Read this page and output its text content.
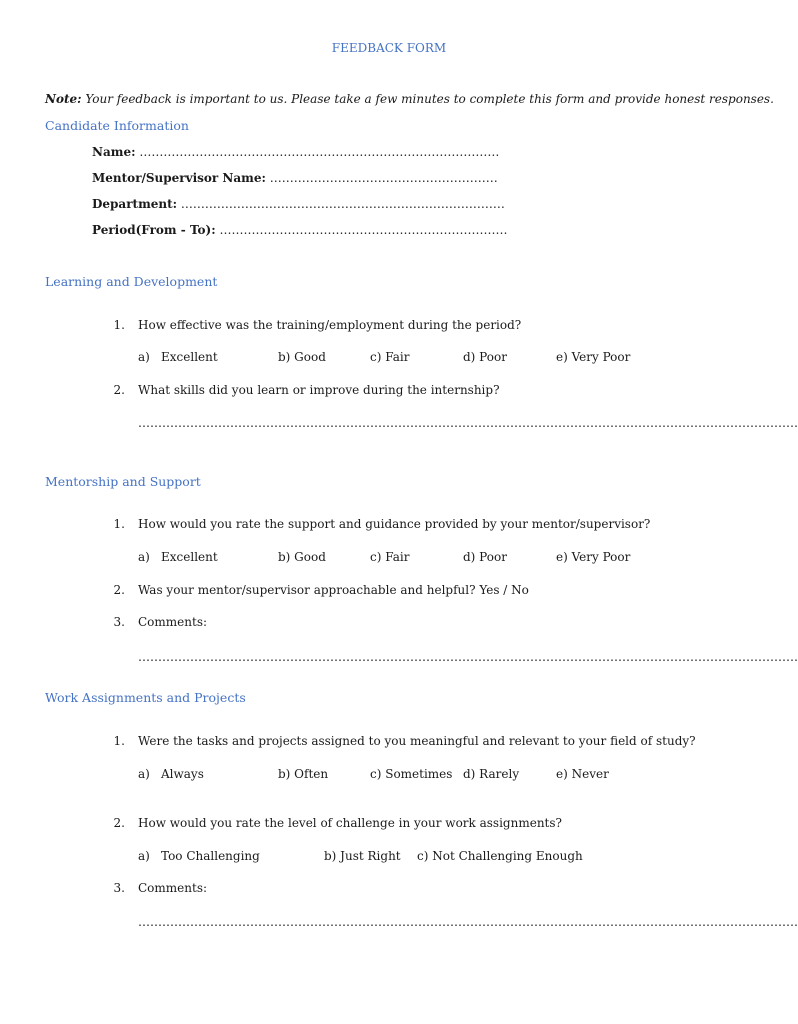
FEEDBACK FORM
Note: Your feedback is important to us. Please take a few minutes to complete this form and provide honest responses.
Candidate Information
Name: ………………………………………………………………………………
Mentor/Supervisor Name: …………………………………………………
Department: ………………………………………………………………………
Period(From - To): ………………………………………………………………
Learning and Development
1. How effective was the training/employment during the period?
a) Excellent	b) Good	c) Fair	d) Poor	e) Very Poor
2. What skills did you learn or improve during the internship?
…………………………………………………………………………………………………………………………………………………
Mentorship and Support
1. How would you rate the support and guidance provided by your mentor/supervisor?
a) Excellent	b) Good	c) Fair	d) Poor	e) Very Poor
2. Was your mentor/supervisor approachable and helpful? Yes / No
3. Comments:
…………………………………………………………………………………………………………………………………………………
Work Assignments and Projects
1. Were the tasks and projects assigned to you meaningful and relevant to your field of study?
a) Always	b) Often	c) Sometimes d) Rarely	e) Never
2. How would you rate the level of challenge in your work assignments?
a) Too Challenging	b) Just Right c) Not Challenging Enough
3. Comments:
…………………………………………………………………………………………………………………………………………………
